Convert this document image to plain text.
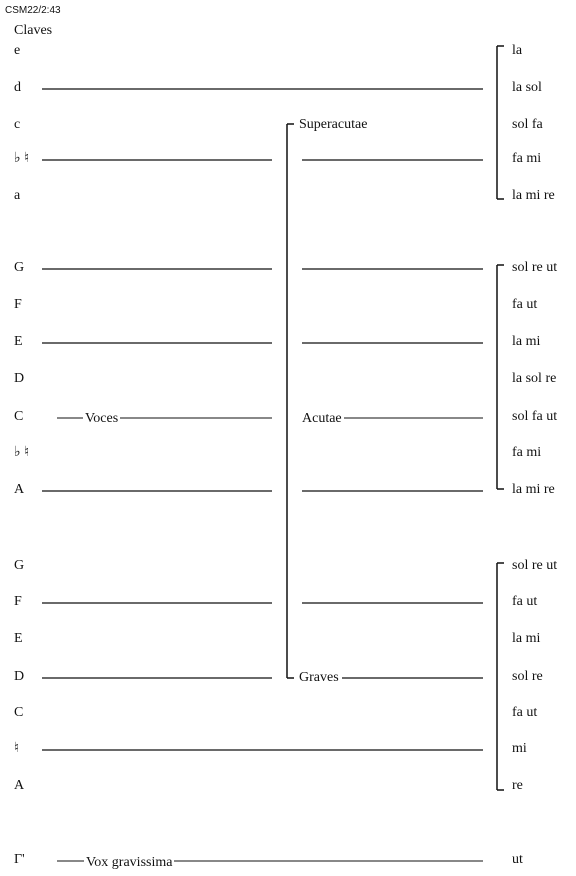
CSM22/2:43
Claves
e
d
c
♭ ♮
a
G
F
E
D
C
♭ ♮
A
G
F
E
D
C
♮
A
Γ'
la
la sol
sol fa
fa mi
la mi re
sol re ut
fa ut
la mi
la sol re
sol fa ut
fa mi
la mi re
sol re ut
fa ut
la mi
sol re
fa ut
mi
re
ut
Voces
Superacutae
Acutae
Graves
Vox gravissima
